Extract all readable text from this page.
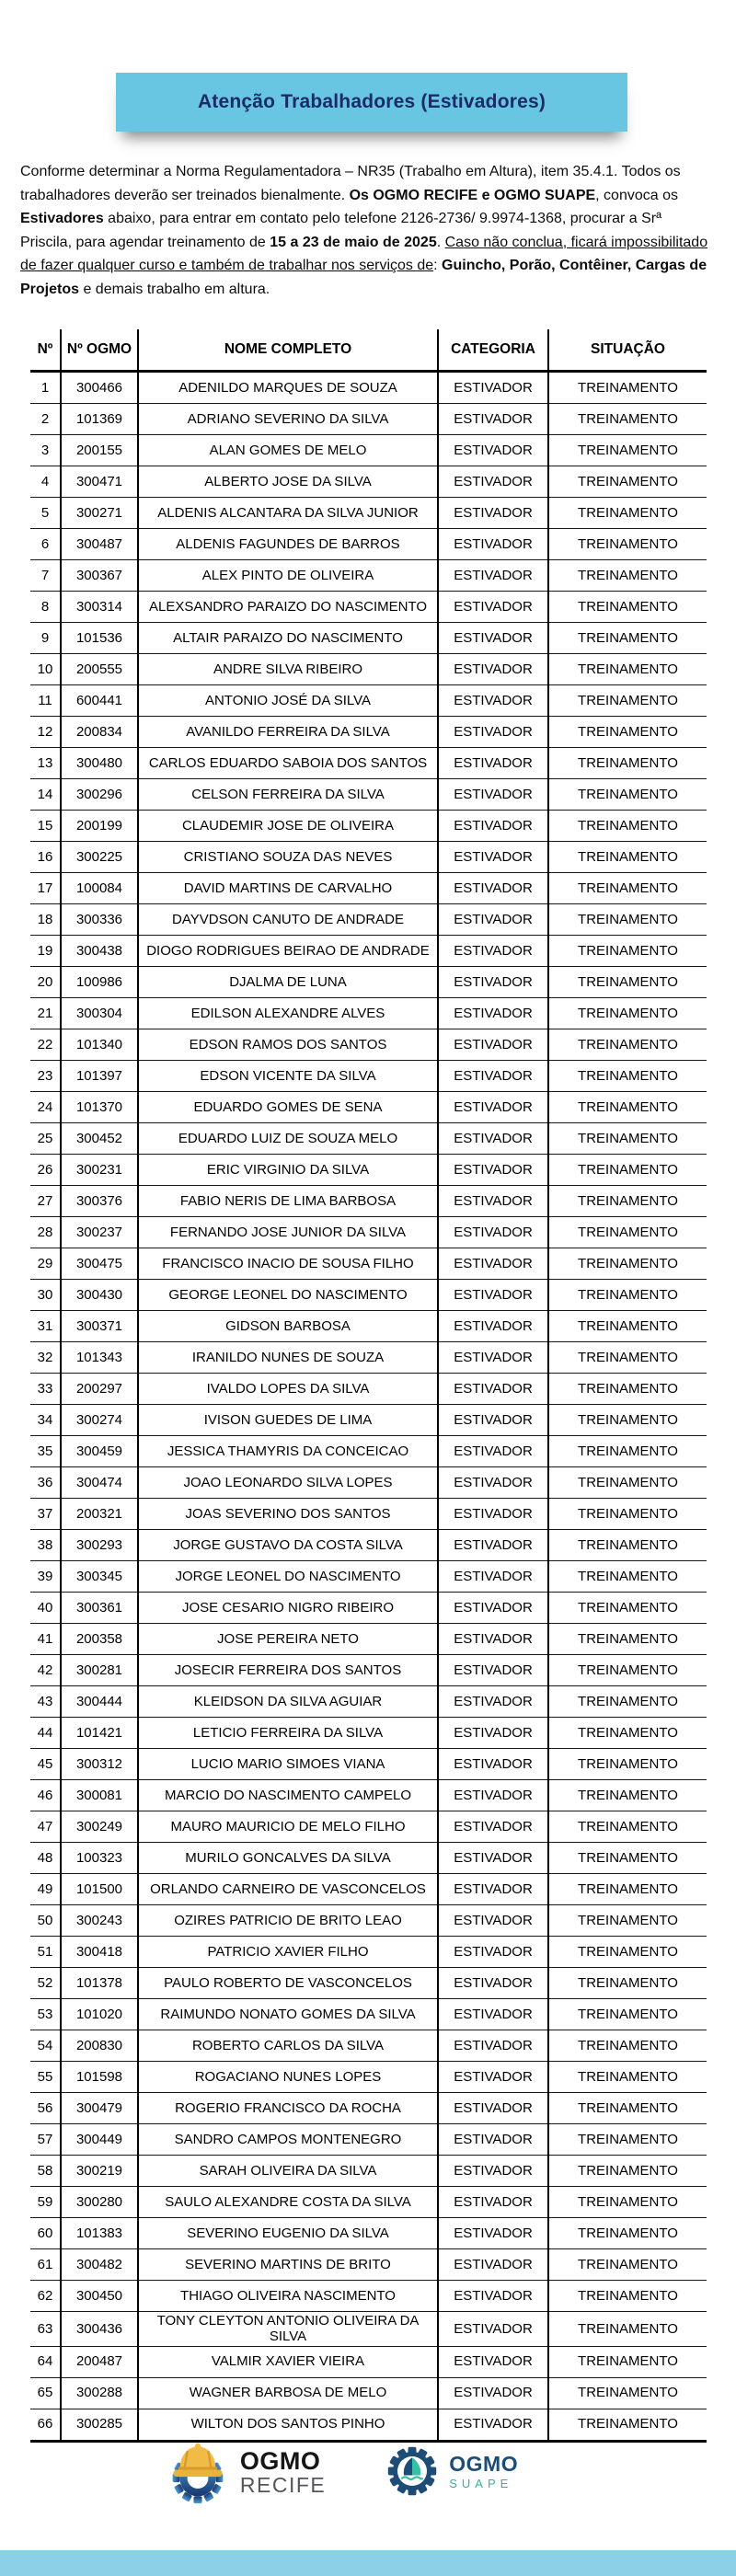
Atenção Trabalhadores (Estivadores)

Conforme determinar a Norma Regulamentadora – NR35 (Trabalho em Altura), item 35.4.1. Todos os trabalhadores deverão ser treinados bienalmente. Os OGMO RECIFE e OGMO SUAPE, convoca os Estivadores abaixo, para entrar em contato pelo telefone 2126-2736/ 9.9974-1368, procurar a Srª Priscila, para agendar treinamento de 15 a 23 de maio de 2025. Caso não conclua, ficará impossibilitado de fazer qualquer curso e também de trabalhar nos serviços de: Guincho, Porão, Contêiner, Cargas de Projetos e demais trabalho em altura.

Nº	Nº OGMO	NOME COMPLETO	CATEGORIA	SITUAÇÃO
1	300466	ADENILDO MARQUES DE SOUZA	ESTIVADOR	TREINAMENTO
2	101369	ADRIANO SEVERINO DA SILVA	ESTIVADOR	TREINAMENTO
3	200155	ALAN GOMES DE MELO	ESTIVADOR	TREINAMENTO
4	300471	ALBERTO JOSE DA SILVA	ESTIVADOR	TREINAMENTO
5	300271	ALDENIS ALCANTARA DA SILVA JUNIOR	ESTIVADOR	TREINAMENTO
6	300487	ALDENIS FAGUNDES DE BARROS	ESTIVADOR	TREINAMENTO
7	300367	ALEX PINTO DE OLIVEIRA	ESTIVADOR	TREINAMENTO
8	300314	ALEXSANDRO PARAIZO DO NASCIMENTO	ESTIVADOR	TREINAMENTO
9	101536	ALTAIR PARAIZO DO NASCIMENTO	ESTIVADOR	TREINAMENTO
10	200555	ANDRE SILVA RIBEIRO	ESTIVADOR	TREINAMENTO
11	600441	ANTONIO JOSÉ DA SILVA	ESTIVADOR	TREINAMENTO
12	200834	AVANILDO FERREIRA DA SILVA	ESTIVADOR	TREINAMENTO
13	300480	CARLOS EDUARDO SABOIA DOS SANTOS	ESTIVADOR	TREINAMENTO
14	300296	CELSON FERREIRA DA SILVA	ESTIVADOR	TREINAMENTO
15	200199	CLAUDEMIR JOSE DE OLIVEIRA	ESTIVADOR	TREINAMENTO
16	300225	CRISTIANO SOUZA DAS NEVES	ESTIVADOR	TREINAMENTO
17	100084	DAVID MARTINS DE CARVALHO	ESTIVADOR	TREINAMENTO
18	300336	DAYVDSON CANUTO DE ANDRADE	ESTIVADOR	TREINAMENTO
19	300438	DIOGO RODRIGUES BEIRAO DE ANDRADE	ESTIVADOR	TREINAMENTO
20	100986	DJALMA DE LUNA	ESTIVADOR	TREINAMENTO
21	300304	EDILSON ALEXANDRE ALVES	ESTIVADOR	TREINAMENTO
22	101340	EDSON RAMOS DOS SANTOS	ESTIVADOR	TREINAMENTO
23	101397	EDSON VICENTE DA SILVA	ESTIVADOR	TREINAMENTO
24	101370	EDUARDO GOMES DE SENA	ESTIVADOR	TREINAMENTO
25	300452	EDUARDO LUIZ DE SOUZA MELO	ESTIVADOR	TREINAMENTO
26	300231	ERIC VIRGINIO DA SILVA	ESTIVADOR	TREINAMENTO
27	300376	FABIO NERIS DE LIMA BARBOSA	ESTIVADOR	TREINAMENTO
28	300237	FERNANDO JOSE JUNIOR DA SILVA	ESTIVADOR	TREINAMENTO
29	300475	FRANCISCO INACIO DE SOUSA FILHO	ESTIVADOR	TREINAMENTO
30	300430	GEORGE LEONEL DO NASCIMENTO	ESTIVADOR	TREINAMENTO
31	300371	GIDSON BARBOSA	ESTIVADOR	TREINAMENTO
32	101343	IRANILDO NUNES DE SOUZA	ESTIVADOR	TREINAMENTO
33	200297	IVALDO LOPES DA SILVA	ESTIVADOR	TREINAMENTO
34	300274	IVISON GUEDES DE LIMA	ESTIVADOR	TREINAMENTO
35	300459	JESSICA THAMYRIS DA CONCEICAO	ESTIVADOR	TREINAMENTO
36	300474	JOAO LEONARDO SILVA LOPES	ESTIVADOR	TREINAMENTO
37	200321	JOAS SEVERINO DOS SANTOS	ESTIVADOR	TREINAMENTO
38	300293	JORGE GUSTAVO DA COSTA SILVA	ESTIVADOR	TREINAMENTO
39	300345	JORGE LEONEL DO NASCIMENTO	ESTIVADOR	TREINAMENTO
40	300361	JOSE CESARIO NIGRO RIBEIRO	ESTIVADOR	TREINAMENTO
41	200358	JOSE PEREIRA NETO	ESTIVADOR	TREINAMENTO
42	300281	JOSECIR FERREIRA DOS SANTOS	ESTIVADOR	TREINAMENTO
43	300444	KLEIDSON DA SILVA AGUIAR	ESTIVADOR	TREINAMENTO
44	101421	LETICIO FERREIRA DA SILVA	ESTIVADOR	TREINAMENTO
45	300312	LUCIO MARIO SIMOES VIANA	ESTIVADOR	TREINAMENTO
46	300081	MARCIO DO NASCIMENTO CAMPELO	ESTIVADOR	TREINAMENTO
47	300249	MAURO MAURICIO DE MELO FILHO	ESTIVADOR	TREINAMENTO
48	100323	MURILO GONCALVES DA SILVA	ESTIVADOR	TREINAMENTO
49	101500	ORLANDO CARNEIRO DE VASCONCELOS	ESTIVADOR	TREINAMENTO
50	300243	OZIRES PATRICIO DE BRITO LEAO	ESTIVADOR	TREINAMENTO
51	300418	PATRICIO XAVIER FILHO	ESTIVADOR	TREINAMENTO
52	101378	PAULO ROBERTO DE VASCONCELOS	ESTIVADOR	TREINAMENTO
53	101020	RAIMUNDO NONATO GOMES DA SILVA	ESTIVADOR	TREINAMENTO
54	200830	ROBERTO CARLOS DA SILVA	ESTIVADOR	TREINAMENTO
55	101598	ROGACIANO NUNES LOPES	ESTIVADOR	TREINAMENTO
56	300479	ROGERIO FRANCISCO DA ROCHA	ESTIVADOR	TREINAMENTO
57	300449	SANDRO CAMPOS MONTENEGRO	ESTIVADOR	TREINAMENTO
58	300219	SARAH OLIVEIRA DA SILVA	ESTIVADOR	TREINAMENTO
59	300280	SAULO ALEXANDRE COSTA DA SILVA	ESTIVADOR	TREINAMENTO
60	101383	SEVERINO EUGENIO DA SILVA	ESTIVADOR	TREINAMENTO
61	300482	SEVERINO MARTINS DE BRITO	ESTIVADOR	TREINAMENTO
62	300450	THIAGO OLIVEIRA NASCIMENTO	ESTIVADOR	TREINAMENTO
63	300436	TONY CLEYTON ANTONIO OLIVEIRA DA SILVA	ESTIVADOR	TREINAMENTO
64	200487	VALMIR XAVIER VIEIRA	ESTIVADOR	TREINAMENTO
65	300288	WAGNER BARBOSA DE MELO	ESTIVADOR	TREINAMENTO
66	300285	WILTON DOS SANTOS PINHO	ESTIVADOR	TREINAMENTO
OGMO
RECIFE
OGMO
SUAPE
